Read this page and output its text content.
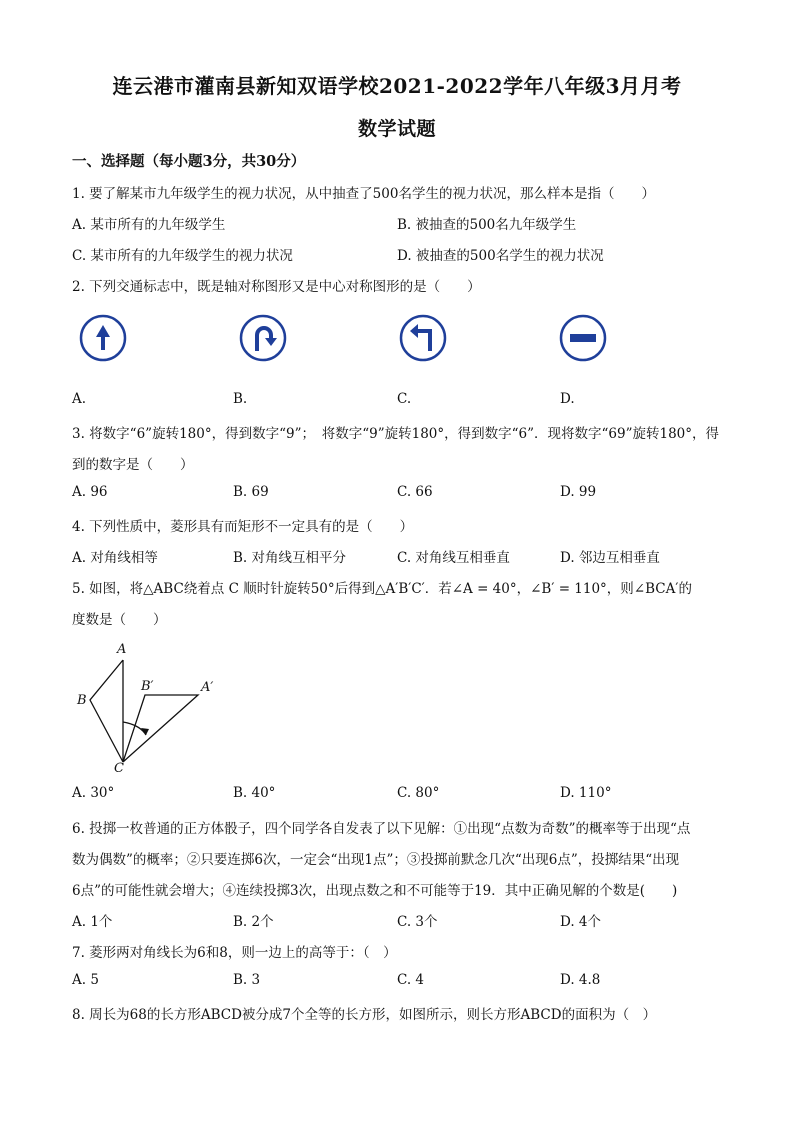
连云港市灌南县新知双语学校2021-2022学年八年级3月月考
数学试题
一、选择题（每小题3分，共30分）
1. 要了解某市九年级学生的视力状况，从中抽查了500名学生的视力状况，那么样本是指（　　）
A. 某市所有的九年级学生	B. 被抽查的500名九年级学生
C. 某市所有的九年级学生的视力状况	D. 被抽查的500名学生的视力状况
2. 下列交通标志中，既是轴对称图形又是中心对称图形的是（　　）
A.	B.	C.	D.
3. 将数字“6”旋转180°，得到数字“9”；　将数字“9”旋转180°，得到数字“6”．现将数字“69”旋转180°，得
到的数字是（　　）
A. 96	B. 69	C. 66	D. 99
4. 下列性质中，菱形具有而矩形不一定具有的是（　　）
A. 对角线相等	B. 对角线互相平分	C. 对角线互相垂直	D. 邻边互相垂直
5. 如图，将△ABC绕着点 C 顺时针旋转50°后得到△A′B′C′．若∠A = 40°，∠B′ = 110°，则∠BCA′的
度数是（　　）
A
B
B′	A′
C
A. 30°	B. 40°	C. 80°	D. 110°
6. 投掷一枚普通的正方体骰子，四个同学各自发表了以下见解：①出现“点数为奇数”的概率等于出现“点
数为偶数”的概率；②只要连掷6次，一定会“出现1点”；③投掷前默念几次“出现6点”，投掷结果“出现
6点”的可能性就会增大；④连续投掷3次，出现点数之和不可能等于19．其中正确见解的个数是(　　)
A. 1个	B. 2个	C. 3个	D. 4个
7. 菱形两对角线长为6和8，则一边上的高等于：（　）
A. 5	B. 3	C. 4	D. 4.8
8. 周长为68的长方形ABCD被分成7个全等的长方形，如图所示，则长方形ABCD的面积为（　）
